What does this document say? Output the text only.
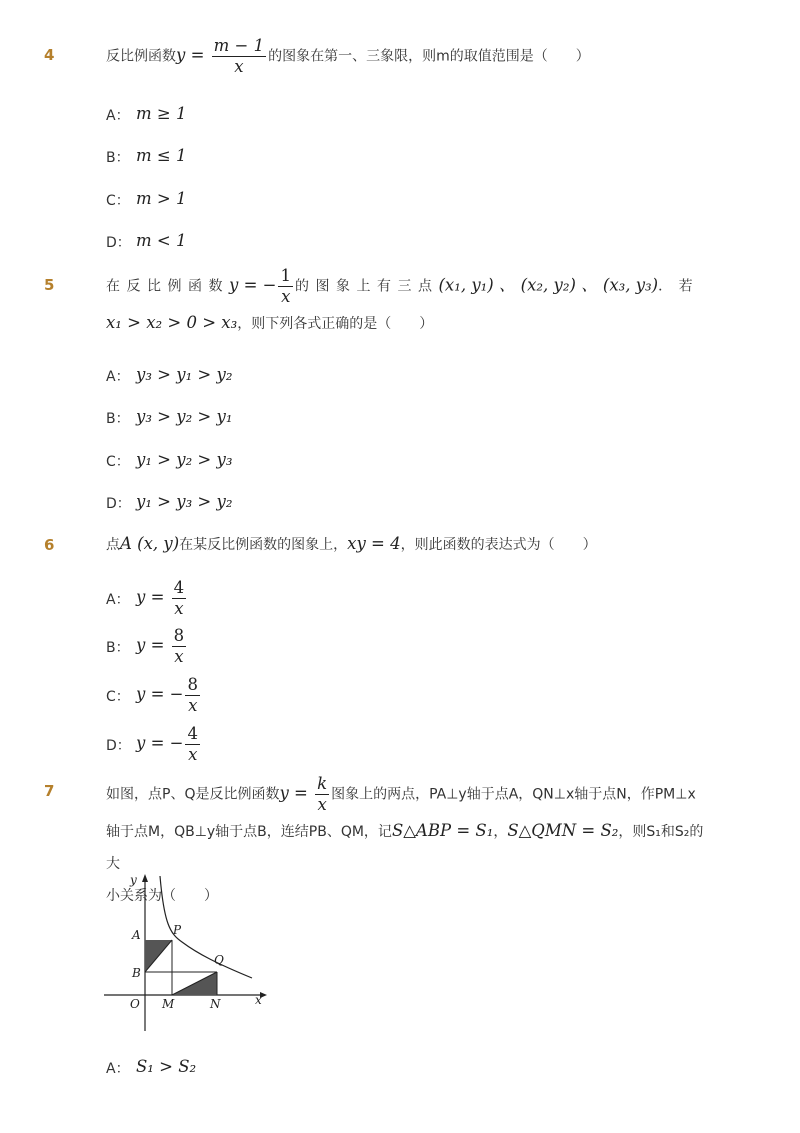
4	反比例函数$y = \frac{m - 1}{x}$ 的图象在第一、三象限，则m的取值范围是（　　）
A： m ≥ 1
B： m ≤ 1
C： m > 1
D： m < 1
5	在反比例函数y = − $\frac{1}{x}$ 的图象上有三点(x₁, y₁) 、 (x₂, y₂) 、 (x₃, y₃)．若
x₁ > x₂ > 0 > x₃，则下列各式正确的是（　　）
A： y₃ > y₁ > y₂
B： y₃ > y₂ > y₁
C： y₁ > y₂ > y₃
D： y₁ > y₃ > y₂
6	点A (x, y)在某反比例函数的图象上，xy = 4，则此函数的表达式为（　　）
A： $y = \frac{4}{x}$
B： $y = \frac{8}{x}$
C： y = − $\frac{8}{x}$
D： y = − $\frac{4}{x}$
7	如图，点P、Q是反比例函数$y = \frac{k}{x}$ 图象上的两点，PA⊥y轴于点A，QN⊥x轴于点N，作PM⊥x
轴于点M，QB⊥y轴于点B，连结PB、QM，记S△ABP = S₁，S△QMN = S₂，则S₁和S₂的大
小关系为（　　）
y
x
A	P
B
Q
O M	N
A： S₁ > S₂
